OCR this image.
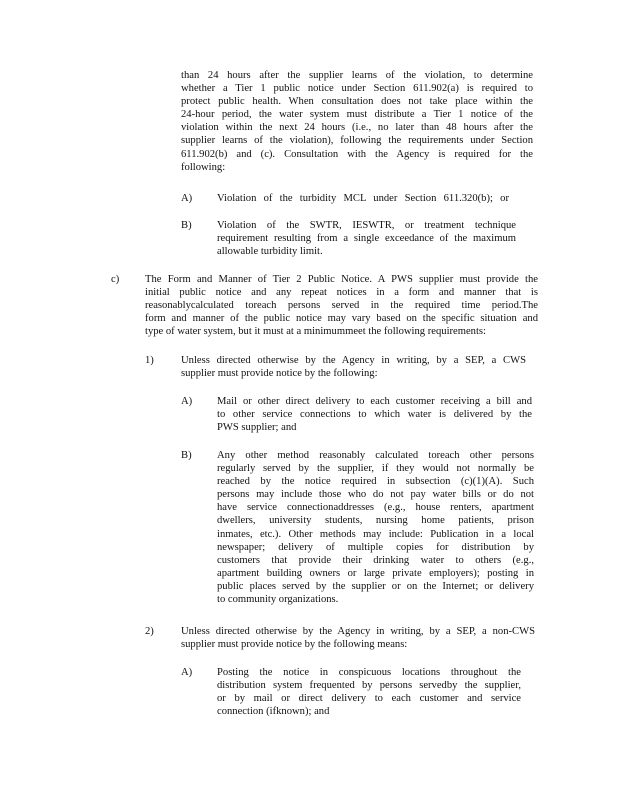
than 24 hours after the supplier learns of the violation, to determine
whether a Tier 1 public notice under Section 611.902(a) is required to
protect public health. When consultation does not take place within the
24-hour period, the water system must distribute a Tier 1 notice of the
violation within the next 24 hours (i.e., no later than 48 hours after the
supplier learns of the violation), following the requirements under Section
611.902(b) and (c). Consultation with the Agency is required for the
following:
A) Violation of the turbidity MCL under Section 611.320(b); or
B) Violation of the SWTR, IESWTR, or treatment technique
requirement resulting from a single exceedance of the maximum
allowable turbidity limit.
c) The Form and Manner of Tier 2 Public Notice. A PWS supplier must provide the
initial public notice and any repeat notices in a form and manner that is
reasonablycalculated toreach persons served in the required time period.The
form and manner of the public notice may vary based on the specific situation and
type of water system, but it must at a minimummeet the following requirements:
1)	Unless directed otherwise by the Agency in writing, by a SEP, a CWS
supplier must provide notice by the following:
A) Mail or other direct delivery to each customer receiving a bill and
to other service connections to which water is delivered by the
PWS supplier; and
B) Any other method reasonably calculated toreach other persons
regularly served by the supplier, if they would not normally be
reached by the notice required in subsection (c)(1)(A). Such
persons may include those who do not pay water bills or do not
have service connectionaddresses (e.g., house renters, apartment
dwellers, university students, nursing home patients, prison
inmates, etc.). Other methods may include: Publication in a local
newspaper; delivery of multiple copies for distribution by
customers that provide their drinking water to others (e.g.,
apartment building owners or large private employers); posting in
public places served by the supplier or on the Internet; or delivery
to community organizations.
2)	Unless directed otherwise by the Agency in writing, by a SEP, a non-CWS
supplier must provide notice by the following means:
A) Posting the notice in conspicuous locations throughout the
distribution system frequented by persons servedby the supplier,
or by mail or direct delivery to each customer and service
connection (ifknown); and
